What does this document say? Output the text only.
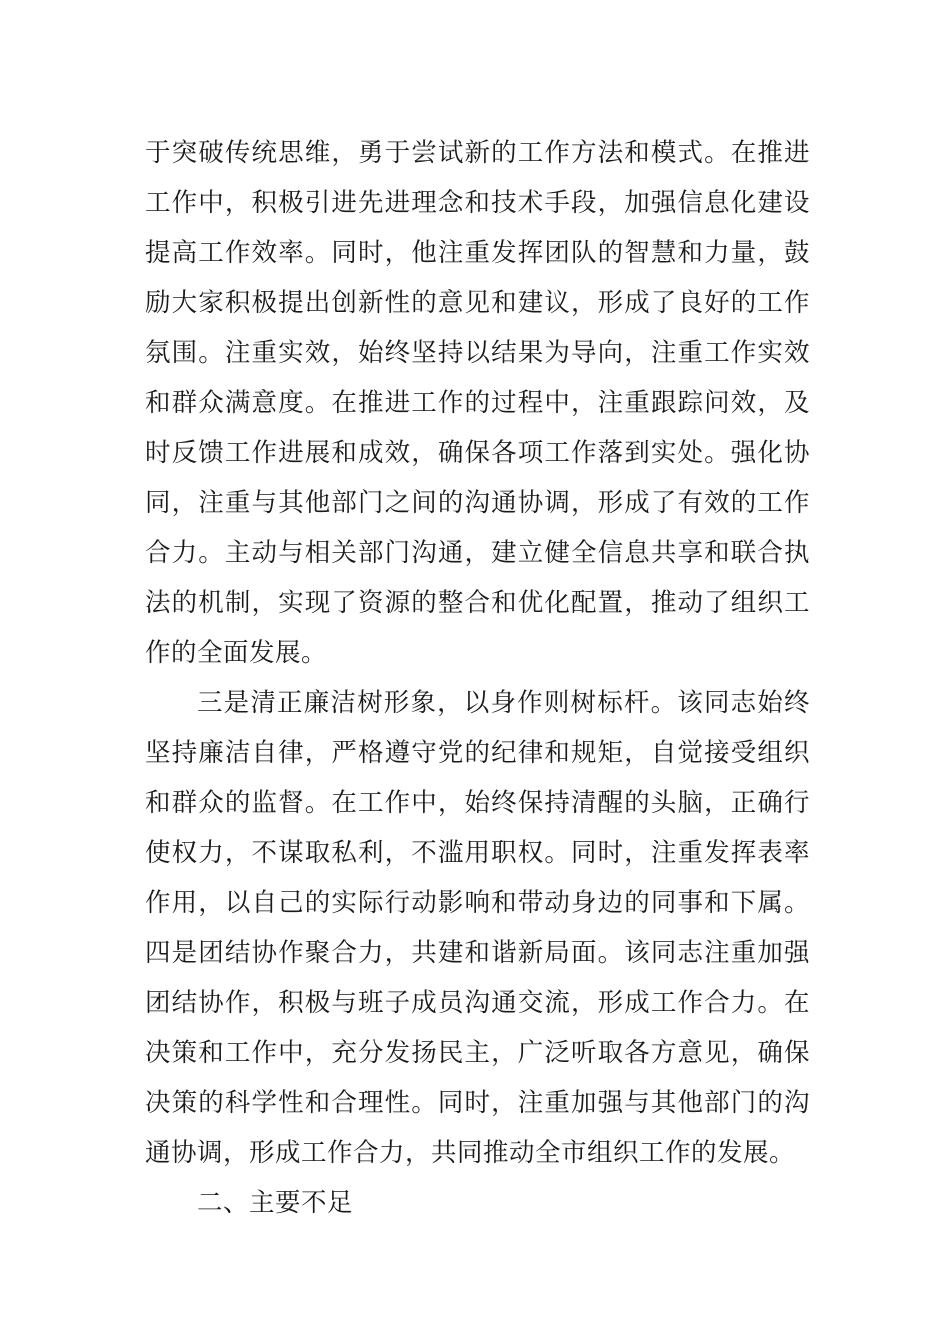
于突破传统思维，勇于尝试新的工作方法和模式。在推进
工作中，积极引进先进理念和技术手段，加强信息化建设
提高工作效率。同时，他注重发挥团队的智慧和力量，鼓
励大家积极提出创新性的意见和建议，形成了良好的工作
氛围。注重实效，始终坚持以结果为导向，注重工作实效
和群众满意度。在推进工作的过程中，注重跟踪问效，及
时反馈工作进展和成效，确保各项工作落到实处。强化协
同，注重与其他部门之间的沟通协调，形成了有效的工作
合力。主动与相关部门沟通，建立健全信息共享和联合执
法的机制，实现了资源的整合和优化配置，推动了组织工
作的全面发展。
三是清正廉洁树形象，以身作则树标杆。该同志始终
坚持廉洁自律，严格遵守党的纪律和规矩，自觉接受组织
和群众的监督。在工作中，始终保持清醒的头脑，正确行
使权力，不谋取私利，不滥用职权。同时，注重发挥表率
作用，以自己的实际行动影响和带动身边的同事和下属。
四是团结协作聚合力，共建和谐新局面。该同志注重加强
团结协作，积极与班子成员沟通交流，形成工作合力。在
决策和工作中，充分发扬民主，广泛听取各方意见，确保
决策的科学性和合理性。同时，注重加强与其他部门的沟
通协调，形成工作合力，共同推动全市组织工作的发展。
二、主要不足
